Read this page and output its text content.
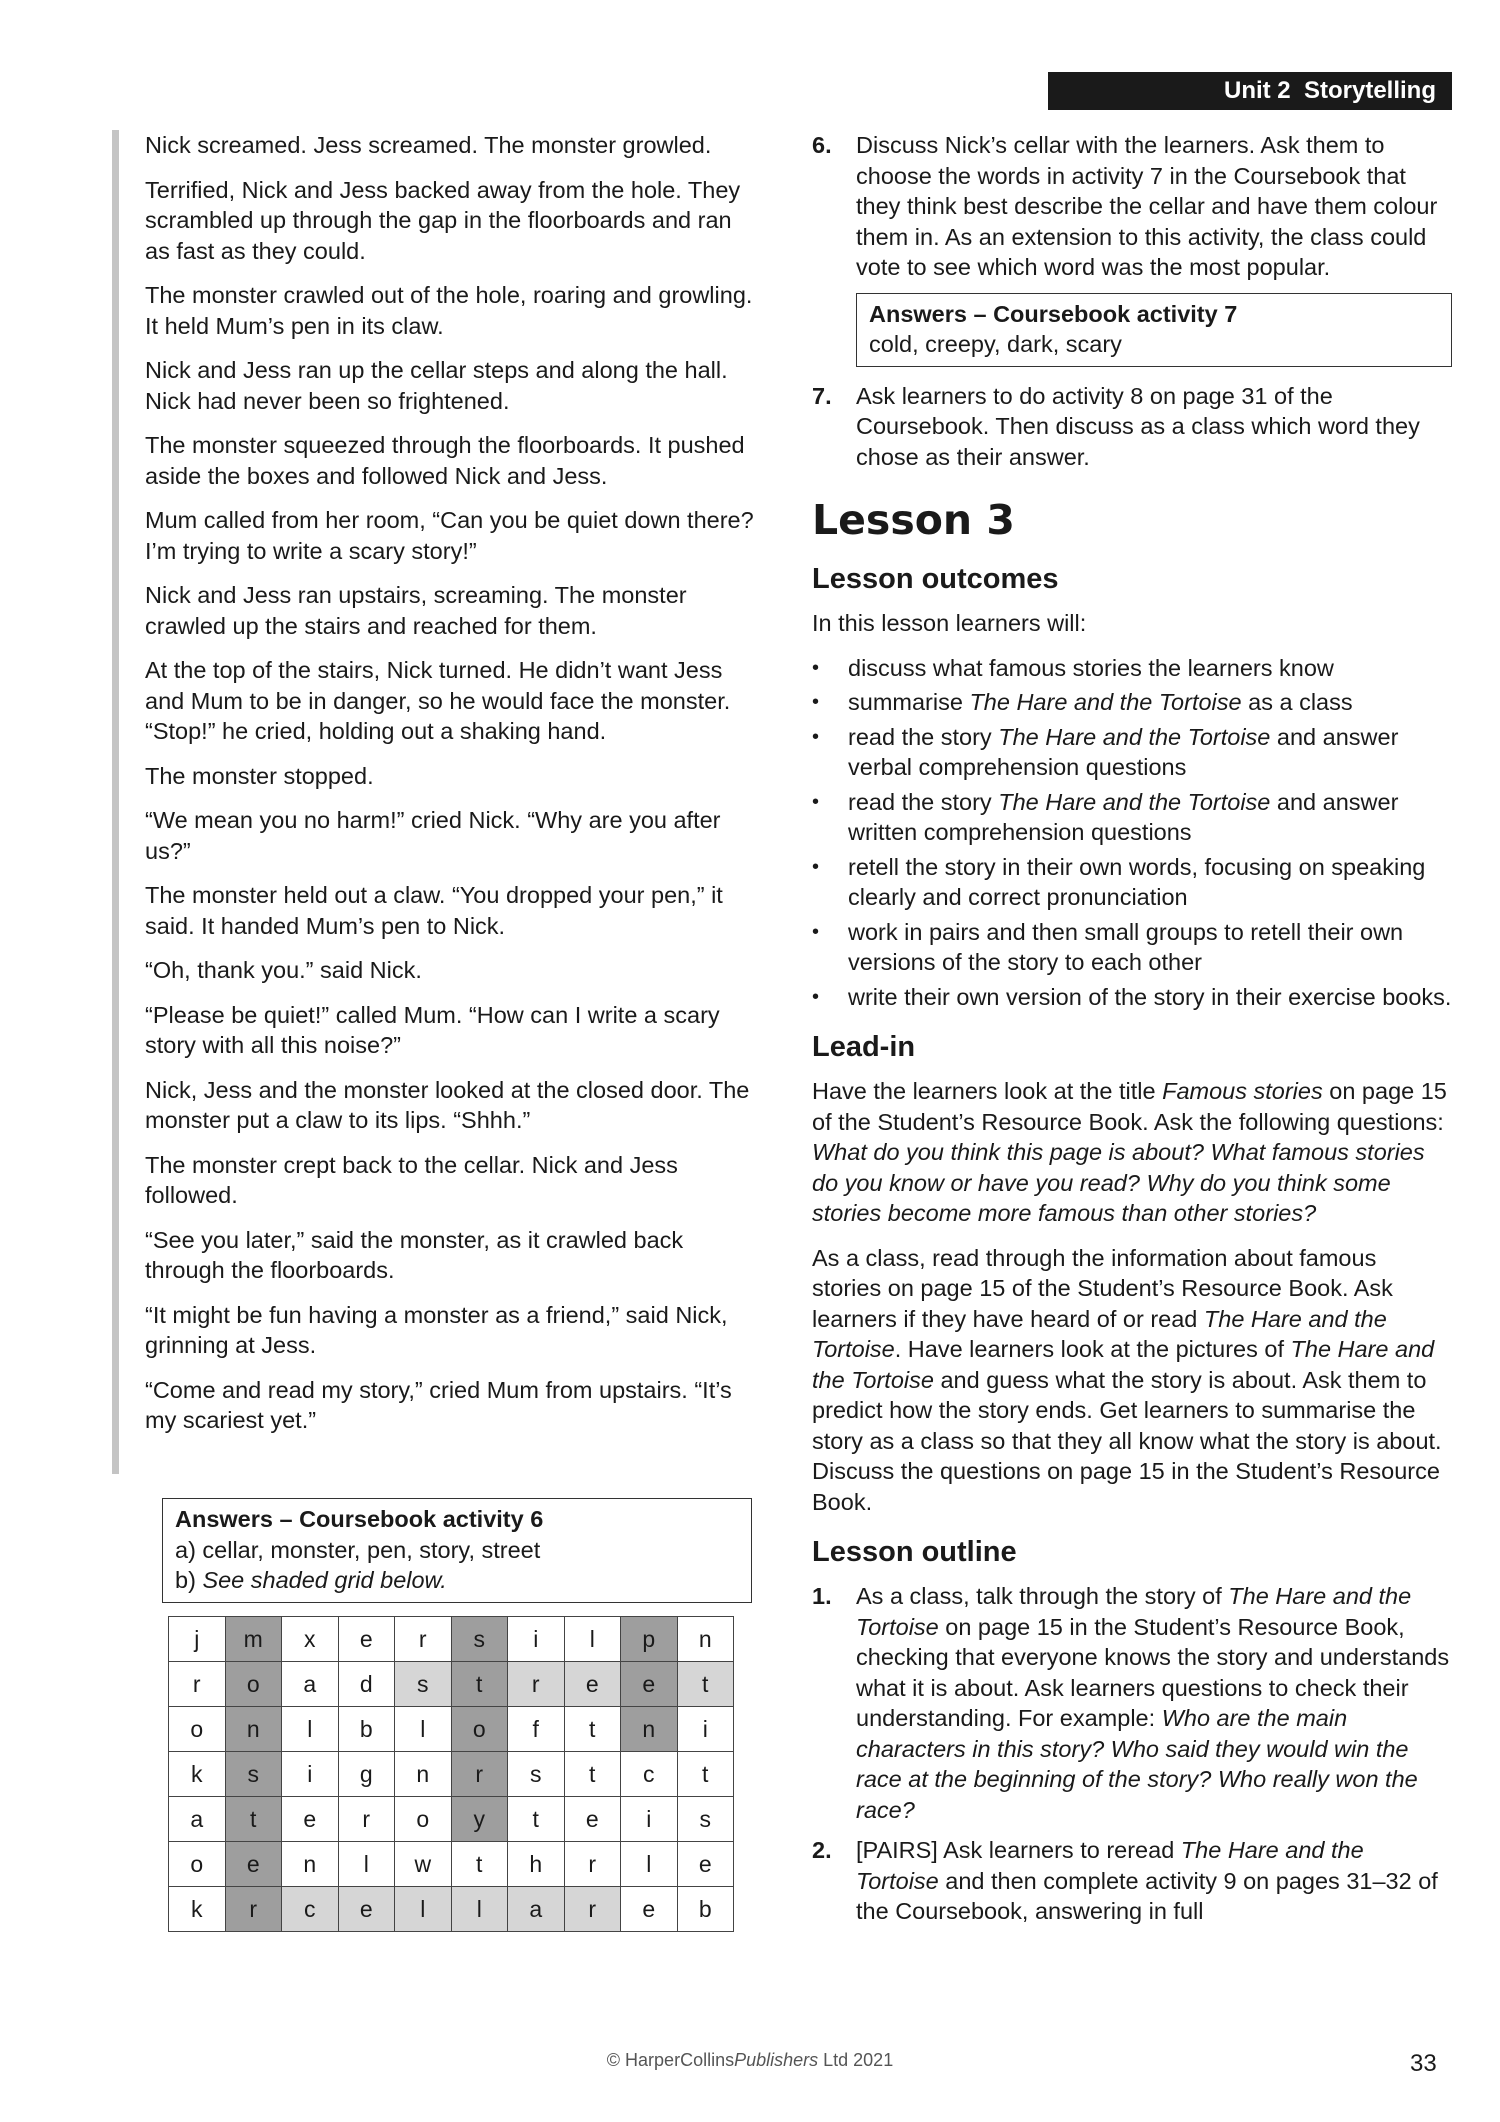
Unit 2  Storytelling

Nick screamed. Jess screamed. The monster growled.

Terrified, Nick and Jess backed away from the hole. They scrambled up through the gap in the floorboards and ran as fast as they could.

The monster crawled out of the hole, roaring and growling. It held Mum’s pen in its claw.

Nick and Jess ran up the cellar steps and along the hall. Nick had never been so frightened.

The monster squeezed through the floorboards. It pushed aside the boxes and followed Nick and Jess.

Mum called from her room, “Can you be quiet down there? I’m trying to write a scary story!”

Nick and Jess ran upstairs, screaming. The monster crawled up the stairs and reached for them.

At the top of the stairs, Nick turned. He didn’t want Jess and Mum to be in danger, so he would face the monster. “Stop!” he cried, holding out a shaking hand.

The monster stopped.

“We mean you no harm!” cried Nick. “Why are you after us?”

The monster held out a claw. “You dropped your pen,” it said. It handed Mum’s pen to Nick.

“Oh, thank you.” said Nick.

“Please be quiet!” called Mum. “How can I write a scary story with all this noise?”

Nick, Jess and the monster looked at the closed door. The monster put a claw to its lips. “Shhh.”

The monster crept back to the cellar. Nick and Jess followed.

“See you later,” said the monster, as it crawled back through the floorboards.

“It might be fun having a monster as a friend,” said Nick, grinning at Jess.

“Come and read my story,” cried Mum from upstairs. “It’s my scariest yet.”

Answers – Coursebook activity 6
a) cellar, monster, pen, story, street
b) See shaded grid below.
j	m	x	e	r	s	i	l	p	n
r	o	a	d	s	t	r	e	e	t
o	n	l	b	l	o	f	t	n	i
k	s	i	g	n	r	s	t	c	t
a	t	e	r	o	y	t	e	i	s
o	e	n	l	w	t	h	r	l	e
k	r	c	e	l	l	a	r	e	b
6.	Discuss Nick’s cellar with the learners. Ask them to choose the words in activity 7 in the Coursebook that they think best describe the cellar and have them colour them in. As an extension to this activity, the class could vote to see which word was the most popular.
Answers – Coursebook activity 7
cold, creepy, dark, scary
7.	Ask learners to do activity 8 on page 31 of the Coursebook. Then discuss as a class which word they chose as their answer.
Lesson 3
Lesson outcomes

In this lesson learners will:

•	discuss what famous stories the learners know
•	summarise The Hare and the Tortoise as a class
•	read the story The Hare and the Tortoise and answer verbal comprehension questions
•	read the story The Hare and the Tortoise and answer written comprehension questions
•	retell the story in their own words, focusing on speaking clearly and correct pronunciation
•	work in pairs and then small groups to retell their own versions of the story to each other
•	write their own version of the story in their exercise books.
Lead-in

Have the learners look at the title Famous stories on page 15 of the Student’s Resource Book. Ask the following questions: What do you think this page is about? What famous stories do you know or have you read? Why do you think some stories become more famous than other stories?

As a class, read through the information about famous stories on page 15 of the Student’s Resource Book. Ask learners if they have heard of or read The Hare and the Tortoise. Have learners look at the pictures of The Hare and the Tortoise and guess what the story is about. Ask them to predict how the story ends. Get learners to summarise the story as a class so that they all know what the story is about. Discuss the questions on page 15 in the Student’s Resource Book.

Lesson outline
1.	As a class, talk through the story of The Hare and the Tortoise on page 15 in the Student’s Resource Book, checking that everyone knows the story and understands what it is about. Ask learners questions to check their understanding. For example: Who are the main characters in this story? Who said they would win the race at the beginning of the story? Who really won the race?
2.	[PAIRS] Ask learners to reread The Hare and the Tortoise and then complete activity 9 on pages 31–32 of the Coursebook, answering in full
© HarperCollinsPublishers Ltd 2021	33
